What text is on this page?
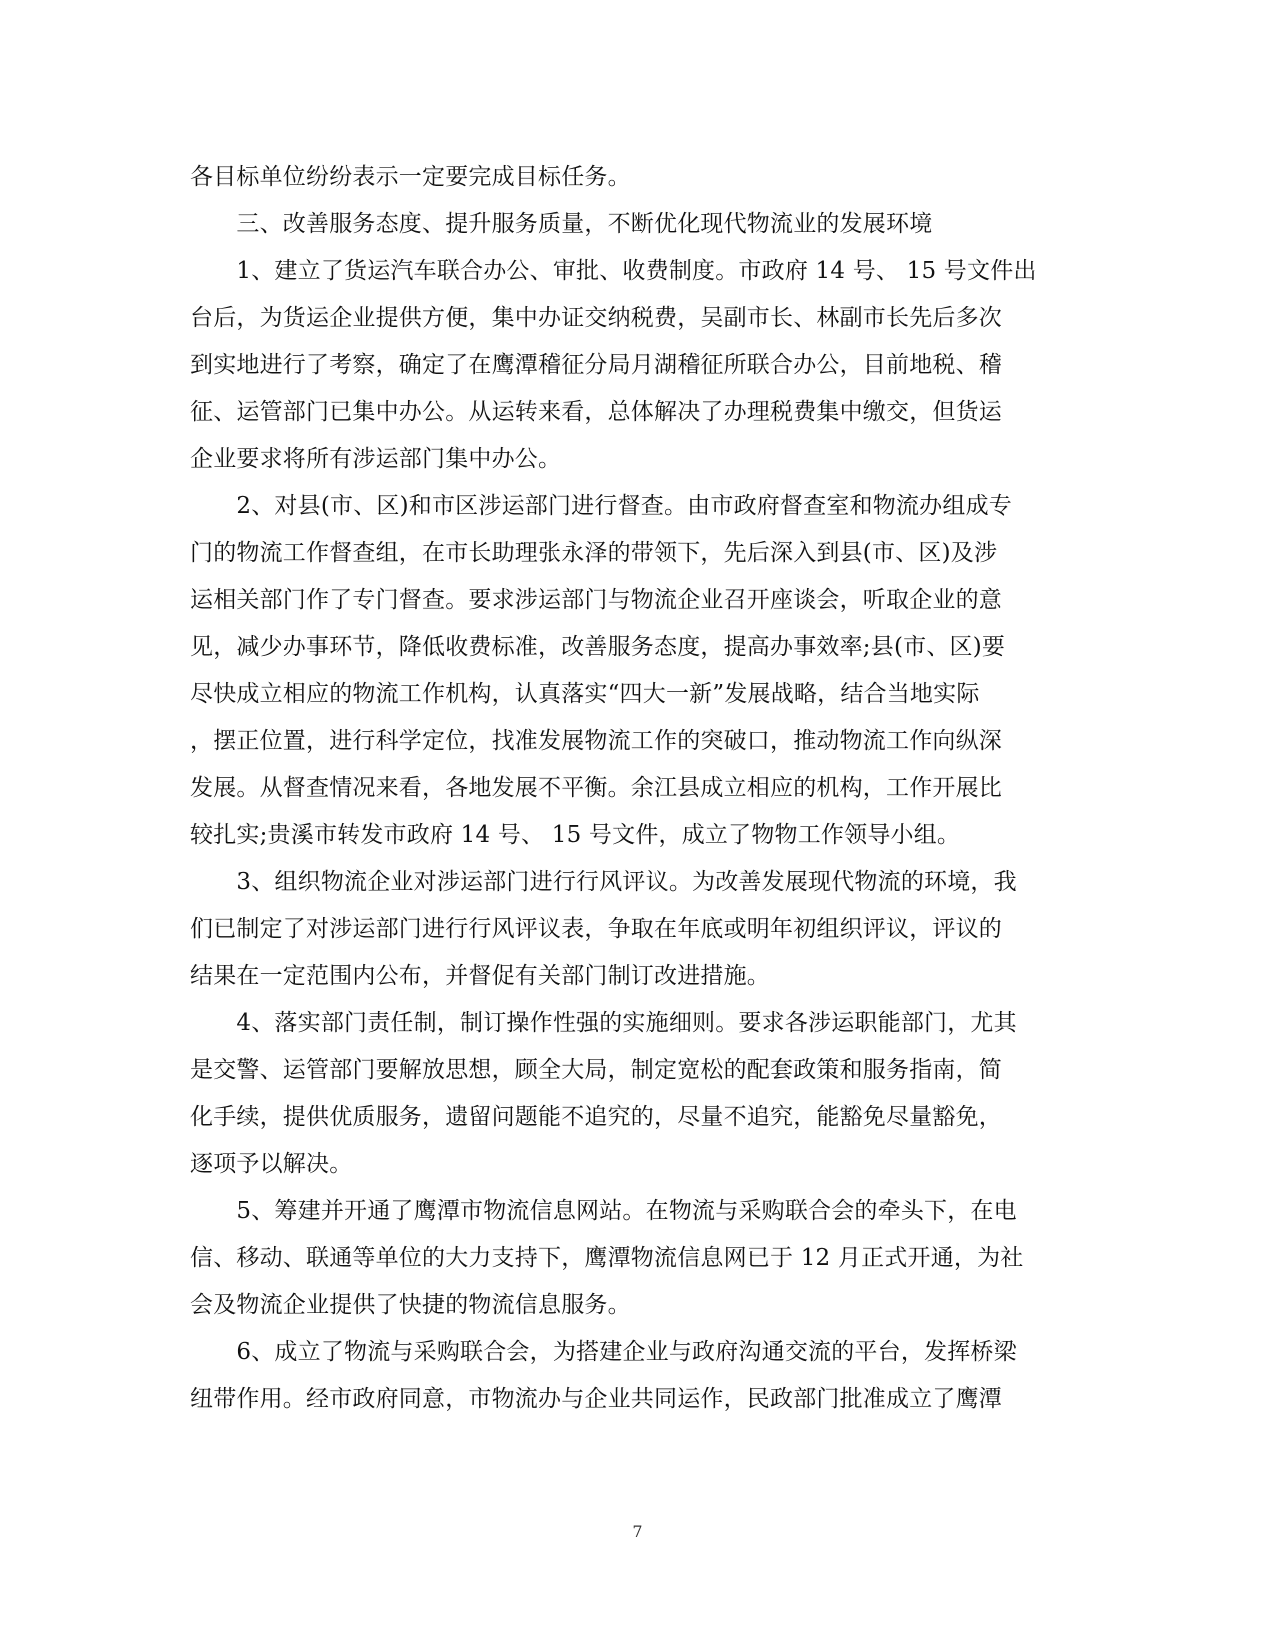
各目标单位纷纷表示一定要完成目标任务。
　　三、改善服务态度、提升服务质量，不断优化现代物流业的发展环境
　　1、建立了货运汽车联合办公、审批、收费制度。市政府 14 号、 15 号文件出
台后，为货运企业提供方便，集中办证交纳税费，吴副市长、林副市长先后多次
到实地进行了考察，确定了在鹰潭稽征分局月湖稽征所联合办公，目前地税、稽
征、运管部门已集中办公。从运转来看，总体解决了办理税费集中缴交，但货运
企业要求将所有涉运部门集中办公。
　　2、对县(市、区)和市区涉运部门进行督查。由市政府督查室和物流办组成专
门的物流工作督查组，在市长助理张永泽的带领下，先后深入到县(市、区)及涉
运相关部门作了专门督查。要求涉运部门与物流企业召开座谈会，听取企业的意
见，减少办事环节，降低收费标准，改善服务态度，提高办事效率;县(市、区)要
尽快成立相应的物流工作机构，认真落实“四大一新”发展战略，结合当地实际
，摆正位置，进行科学定位，找准发展物流工作的突破口，推动物流工作向纵深
发展。从督查情况来看，各地发展不平衡。余江县成立相应的机构，工作开展比
较扎实;贵溪市转发市政府 14 号、 15 号文件，成立了物物工作领导小组。
　　3、组织物流企业对涉运部门进行行风评议。为改善发展现代物流的环境，我
们已制定了对涉运部门进行行风评议表，争取在年底或明年初组织评议，评议的
结果在一定范围内公布，并督促有关部门制订改进措施。
　　4、落实部门责任制，制订操作性强的实施细则。要求各涉运职能部门，尤其
是交警、运管部门要解放思想，顾全大局，制定宽松的配套政策和服务指南，简
化手续，提供优质服务，遗留问题能不追究的，尽量不追究，能豁免尽量豁免，
逐项予以解决。
　　5、筹建并开通了鹰潭市物流信息网站。在物流与采购联合会的牵头下，在电
信、移动、联通等单位的大力支持下，鹰潭物流信息网已于 12 月正式开通，为社
会及物流企业提供了快捷的物流信息服务。
　　6、成立了物流与采购联合会，为搭建企业与政府沟通交流的平台，发挥桥梁
纽带作用。经市政府同意，市物流办与企业共同运作，民政部门批准成立了鹰潭
7
